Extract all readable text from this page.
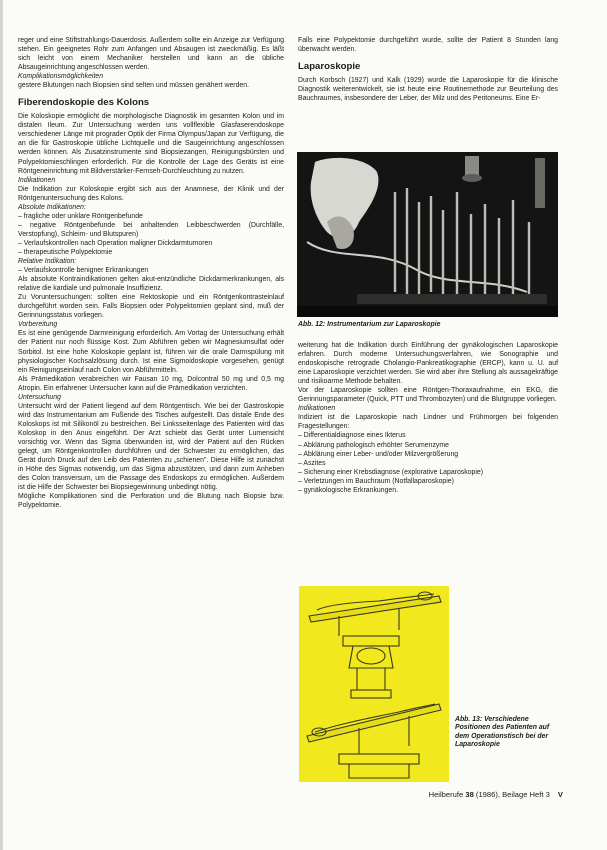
reger und eine Stiftstrahlungs-Dauerdosis. Außerdem sollte ein Anzeige zur Verfügung stehen. Ein geeignetes Rohr zum Anfangen und Absaugen ist zweckmäßig. Es läßt sich leicht von einem Mechaniker herstellen und kann an die übliche Absaugeinrichtung angeschlossen werden.

Komplikationsmöglichkeiten

gestere Blutungen nach Biopsien sind selten und müssen genähert werden.

Fiberendoskopie des Kolons

Die Koloskopie ermöglicht die morphologische Diagnostik im gesamten Kolon und im distalen Ileum. Zur Untersuchung werden uns vollflexible Glasfaserendoskope verschiedener Länge mit prograder Optik der Firma Olympus/Japan zur Verfügung, die an die für Gastroskopie übliche Lichtquelle und die Saugeinrichtung angeschlossen werden können. Als Zusatzinstrumente sind Biopsiezangen, Reinigungsbürsten und Polypektomieschlingen erforderlich. Für die Kontrolle der Lage des Geräts ist eine Röntgeneinrichtung mit Bildverstärker-Fernseh-Durchleuchtung zu nutzen.

Indikationen

Die Indikation zur Koloskopie ergibt sich aus der Anamnese, der Klinik und der Röntgenuntersuchung des Kolons.

Absolute Indikationen:

– fragliche oder unklare Röntgenbefunde

– negative Röntgenbefunde bei anhaltenden Leibbeschwerden (Durchfälle, Verstopfung), Schleim- und Blutspuren)

– Verlaufskontrollen nach Operation maligner Dickdarmtumoren

– therapeutische Polypektomie

Relative Indikation:

– Verlaufskontrolle benigner Erkrankungen

Als absolute Kontraindikationen gelten akut-entzündliche Dickdarmerkrankungen, als relative die kardiale und pulmonale Insuffizienz.

Zu Voruntersuchungen: sollten eine Rektoskopie und ein Röntgenkontrasteinlauf durchgeführt worden sein. Falls Biopsien oder Polypektomien geplant sind, muß der Gerinnungsstatus vorliegen.

Vorbereitung

Es ist eine genügende Darmreinigung erforderlich. Am Vortag der Untersuchung erhält der Patient nur noch flüssige Kost. Zum Abführen geben wir Magnesiumsulfat oder Sorbitol. Ist eine hohe Koloskopie geplant ist, führen wir die orale Darmspülung mit physiologischer Kochsalzlösung durch. Ist eine Sigmoidoskopie vorgesehen, genügt ein Reinigungseinlauf nach Colon von Abführmitteln.

Als Prämedikation verabreichen wir Fausan 10 mg, Dolcontral 50 mg und 0,5 mg Atropin. Ein erfahrener Untersucher kann auf die Prämedikation verzichten.

Untersuchung

Untersucht wird der Patient liegend auf dem Röntgentisch. Wie bei der Gastroskopie wird das Instrumentarium am Fußende des Tisches aufgestellt. Das distale Ende des Koloskops ist mit Silikonöl zu bestreichen. Bei Linksseitenlage des Patienten wird das Koloskop in den Anus eingeführt. Der Arzt schiebt das Gerät unter Lumensicht vorsichtig vor. Wenn das Sigma überwunden ist, wird der Patient auf den Rücken gelegt, um Röntgenkontrollen durchführen und der Schwester zu ermöglichen, das Gerät durch Druck auf den Leib des Patienten zu „schienen". Diese Hilfe ist zunächst in Höhe des Sigmas notwendig, um das Sigma abzustützen, und dann zum Anheben des Colon transversum, um die Passage des Endoskops zu ermöglichen. Außerdem ist die Hilfe der Schwester bei Biopsiegewinnung unbedingt nötig.

Mögliche Komplikationen sind die Perforation und die Blutung nach Biopsie bzw. Polypektomie.

Falls eine Polypektomie durchgeführt wurde, sollte der Patient 8 Stunden lang überwacht werden.

Laparoskopie

Durch Korbsch (1927) und Kalk (1929) wurde die Laparoskopie für die klinische Diagnostik weiterentwickelt, sie ist heute eine Routinemethode zur Beurteilung des Bauchraumes, insbesondere der Leber, der Milz und des Peritoneums. Eine Er-

Abb. 12: Instrumentarium zur Laparoskopie

weiterung hat die Indikation durch Einführung der gynäkologischen Laparoskopie erfahren. Durch moderne Untersuchungsverfahren, wie Sonographie und endoskopische retrograde Cholangio-Pankreatikographie (ERCP), kann u. U. auf eine Laparoskopie verzichtet werden. Sie wird aber ihre Stellung als aussagekräftige und risikoarme Methode behalten.

Vor der Laparoskopie sollten eine Röntgen-Thoraxaufnahme, ein EKG, die Gerinnungsparameter (Quick, PTT und Thrombozyten) und die Blutgruppe vorliegen.

Indikationen

Indiziert ist die Laparoskopie nach Lindner und Frühmorgen bei folgenden Fragestellungen:

– Differentialdiagnose eines Ikterus

– Abklärung pathologisch erhöhter Serumenzyme

– Abklärung einer Leber- und/oder Milzvergrößerung

– Aszites

– Sicherung einer Krebsdiagnose (explorative Laparoskopie)

– Verletzungen im Bauchraum (Notfallaparoskopie)

– gynäkologische Erkrankungen.

Abb. 13: Verschiedene Positionen des Patienten auf dem Operationstisch bei der Laparoskopie
Heilberufe 38 (1986), Beilage Heft 3 V
